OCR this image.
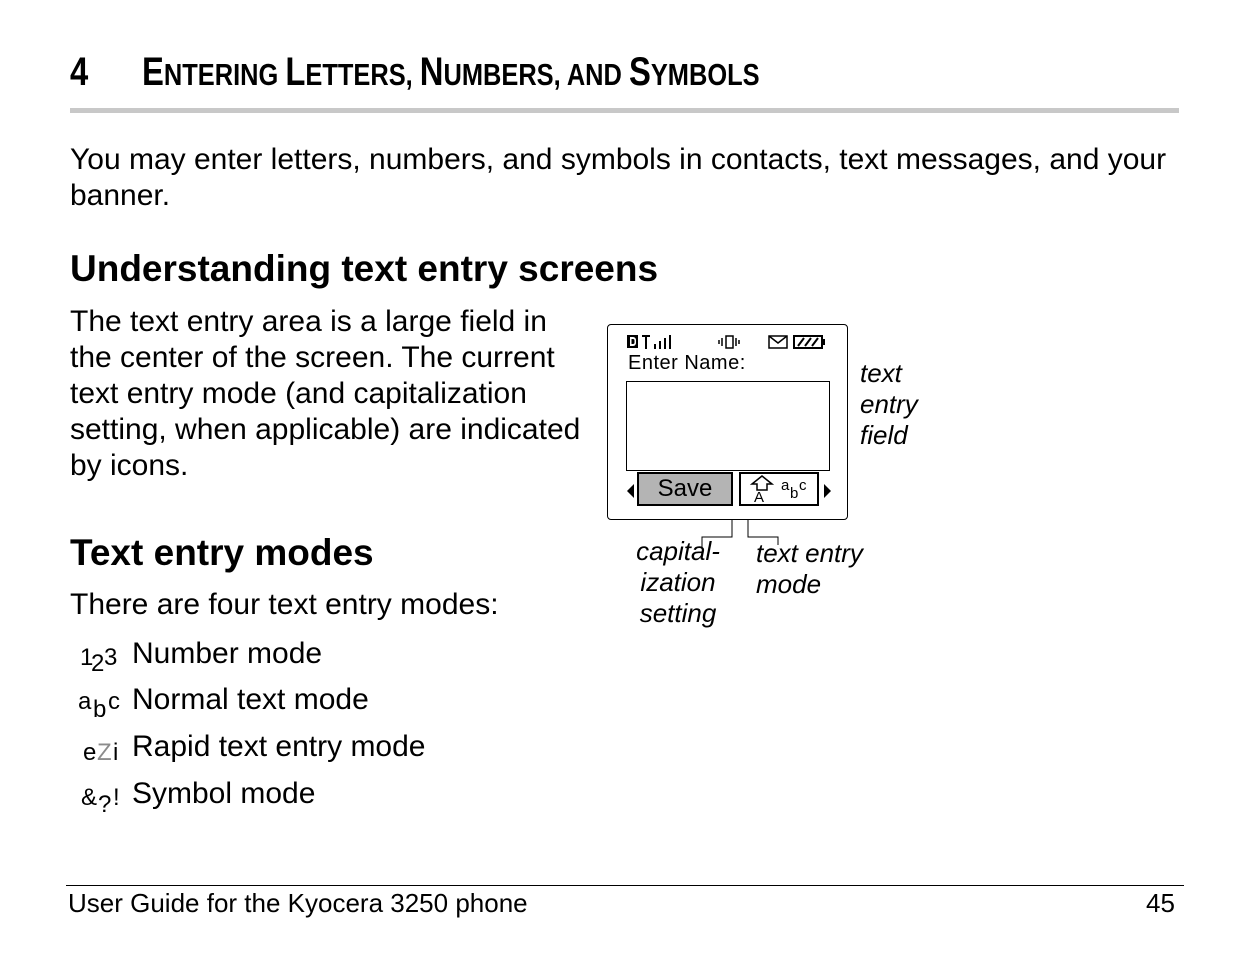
4 ENTERING LETTERS, NUMBERS, AND SYMBOLS
You may enter letters, numbers, and symbols in contacts, text messages, and your banner.
Understanding text entry screens
The text entry area is a large field in the center of the screen. The current text entry mode (and capitalization setting, when applicable) are indicated by icons.
Enter Name:
Save	A
a b c
text entry field
capital- ization setting
text entry mode
Text entry modes
There are four text entry modes:
1
2 3 Number mode
a b c Normal text mode
e Z i Rapid text entry mode
& ? ! Symbol mode
User Guide for the Kyocera 3250 phone	45
